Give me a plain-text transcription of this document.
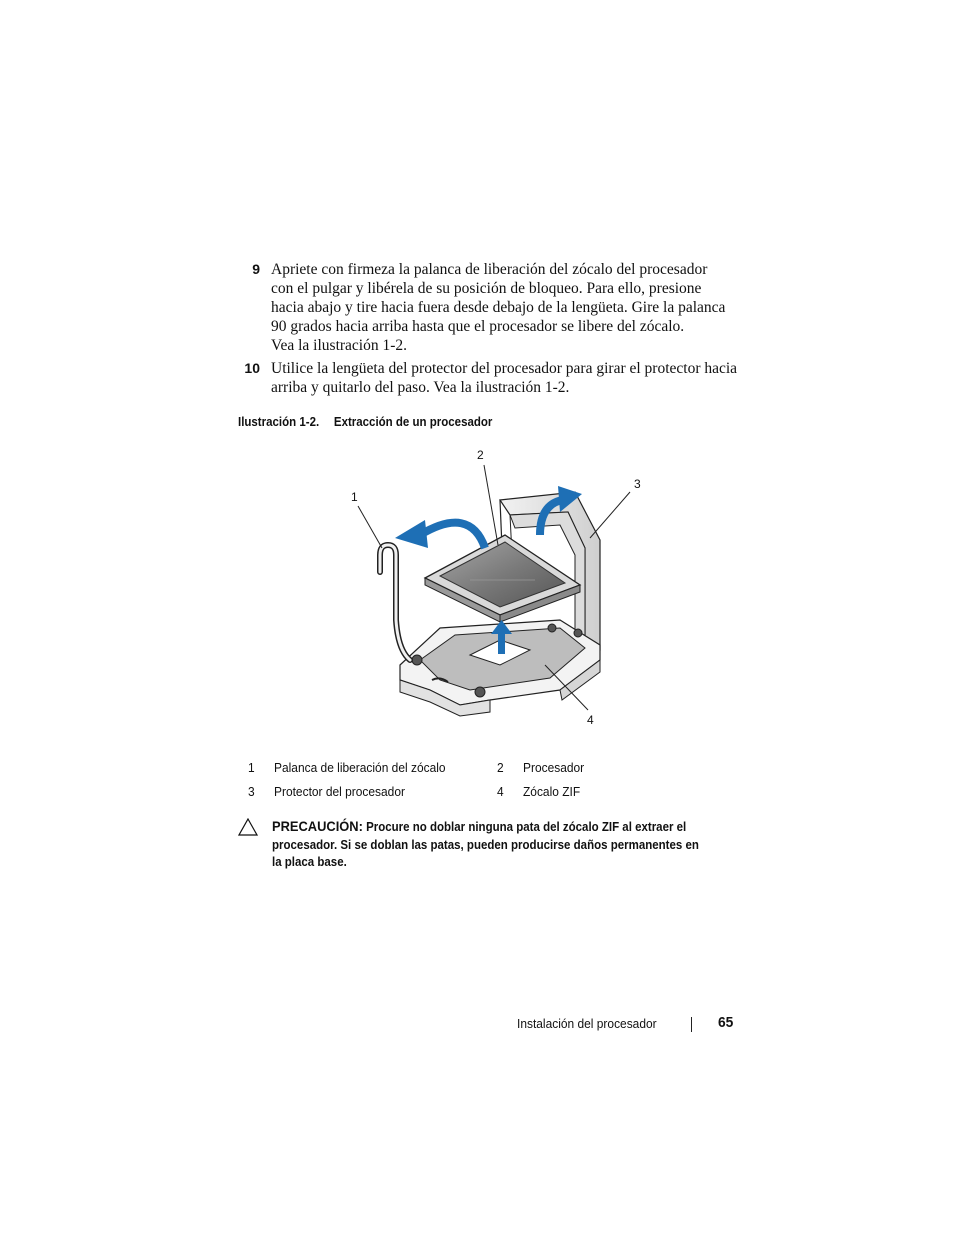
9 Apriete con firmeza la palanca de liberación del zócalo del procesador
con el pulgar y libérela de su posición de bloqueo. Para ello, presione
hacia abajo y tire hacia fuera desde debajo de la lengüeta. Gire la palanca
90 grados hacia arriba hasta que el procesador se libere del zócalo.
Vea la ilustración 1-2.
10 Utilice la lengüeta del protector del procesador para girar el protector hacia
arriba y quitarlo del paso. Vea la ilustración 1-2.
Ilustración 1-2. Extracción de un procesador
1
2
3
4
1 Palanca de liberación del zócalo	2 Procesador
3 Protector del procesador	4 Zócalo ZIF
PRECAUCIÓN: Procure no doblar ninguna pata del zócalo ZIF al extraer el
procesador. Si se doblan las patas, pueden producirse daños permanentes en
la placa base.
Instalación del procesador	65
